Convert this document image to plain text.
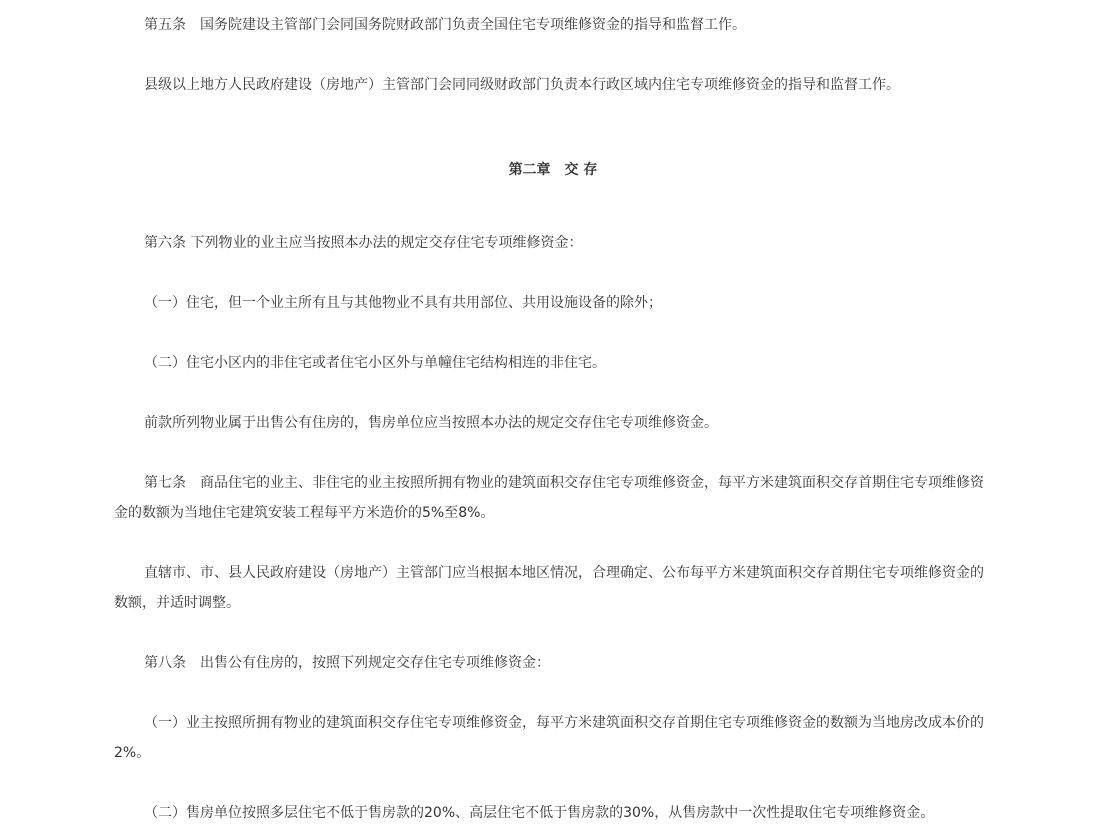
第五条　国务院建设主管部门会同国务院财政部门负责全国住宅专项维修资金的指导和监督工作。

县级以上地方人民政府建设（房地产）主管部门会同同级财政部门负责本行政区域内住宅专项维修资金的指导和监督工作。

第二章　交 存

第六条 下列物业的业主应当按照本办法的规定交存住宅专项维修资金：

（一）住宅，但一个业主所有且与其他物业不具有共用部位、共用设施设备的除外；

（二）住宅小区内的非住宅或者住宅小区外与单幢住宅结构相连的非住宅。

前款所列物业属于出售公有住房的，售房单位应当按照本办法的规定交存住宅专项维修资金。

第七条　商品住宅的业主、非住宅的业主按照所拥有物业的建筑面积交存住宅专项维修资金，每平方米建筑面积交存首期住宅专项维修资金的数额为当地住宅建筑安装工程每平方米造价的5%至8%。

直辖市、市、县人民政府建设（房地产）主管部门应当根据本地区情况，合理确定、公布每平方米建筑面积交存首期住宅专项维修资金的数额，并适时调整。

第八条　出售公有住房的，按照下列规定交存住宅专项维修资金：

（一）业主按照所拥有物业的建筑面积交存住宅专项维修资金，每平方米建筑面积交存首期住宅专项维修资金的数额为当地房改成本价的2%。

（二）售房单位按照多层住宅不低于售房款的20%、高层住宅不低于售房款的30%，从售房款中一次性提取住宅专项维修资金。
